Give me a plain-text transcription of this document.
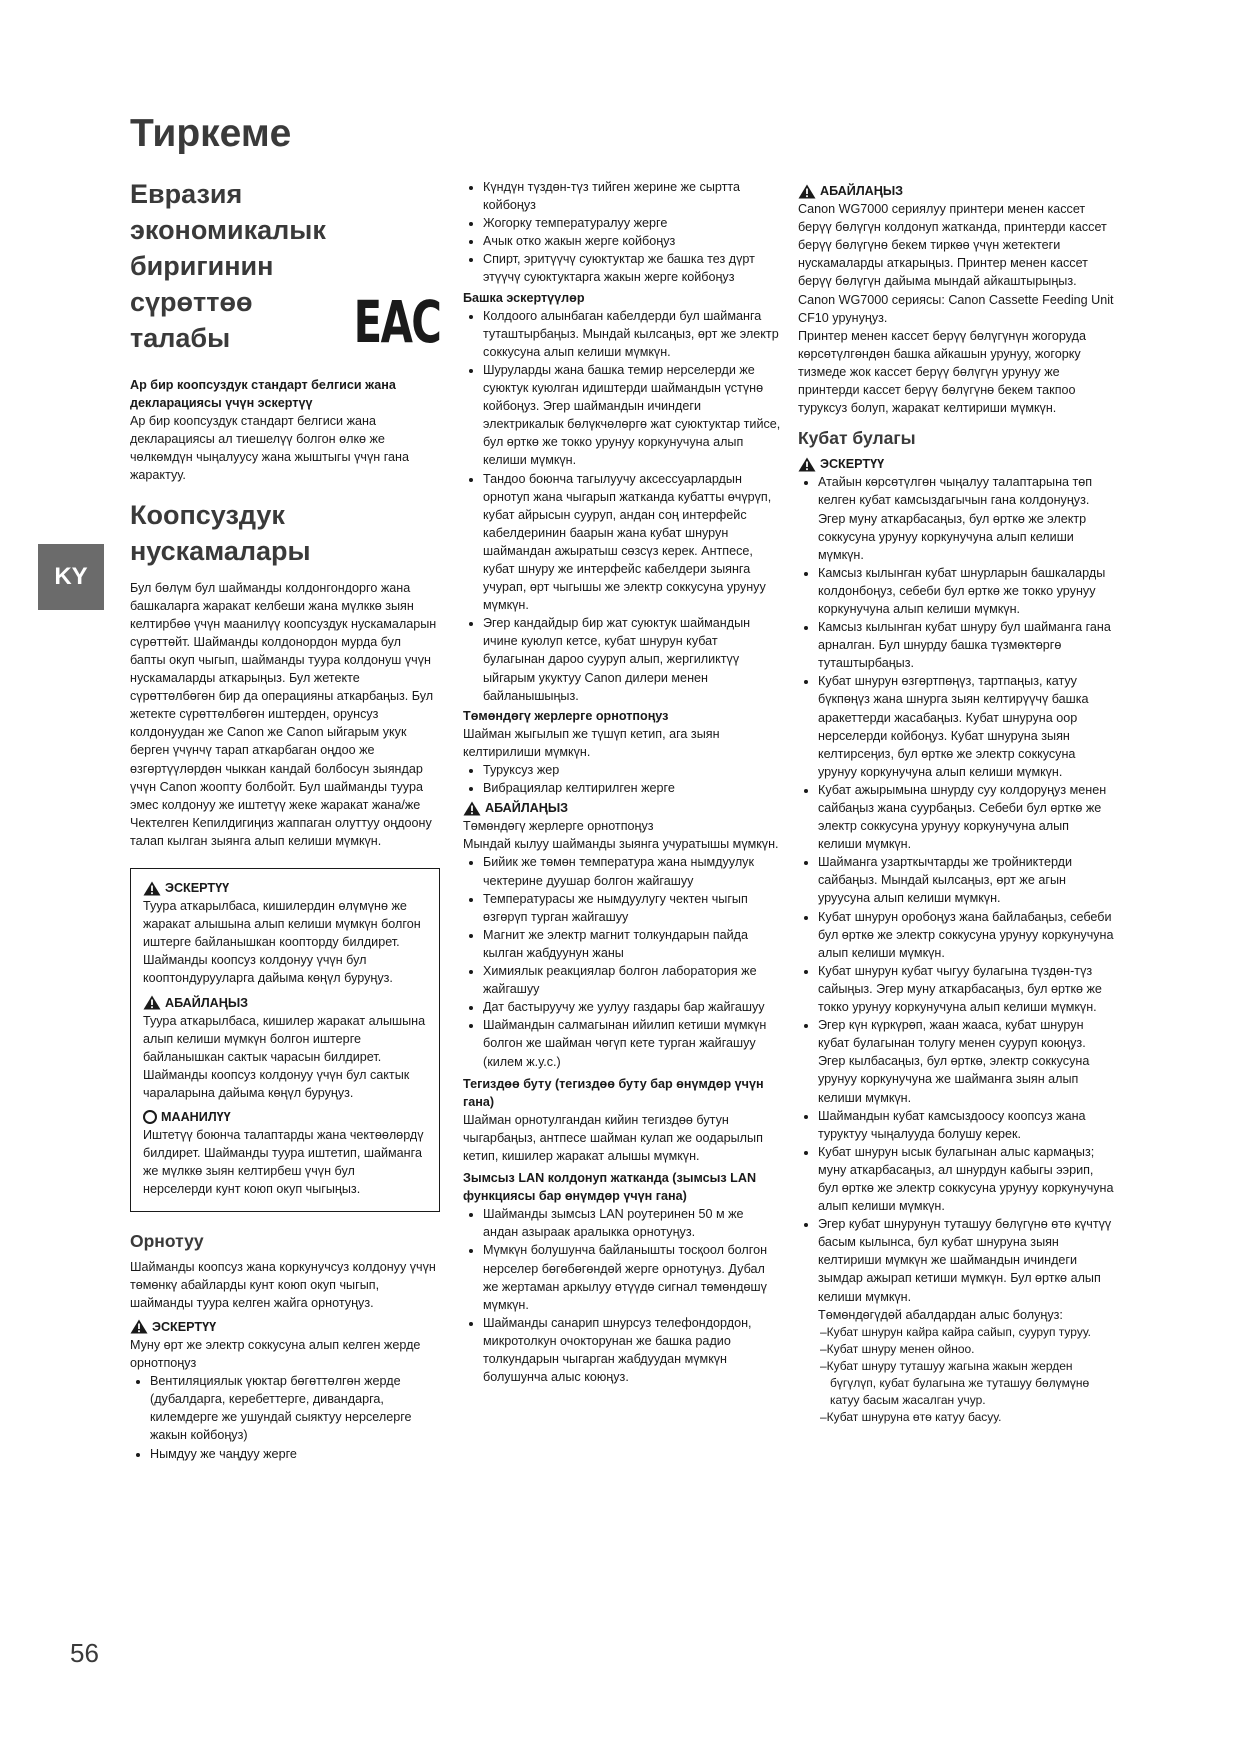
Тиркеме
KY
Евразия
экономикалык
биригинин
сүрөттөө талабы	EAC

Ар бир коопсуздук стандарт белгиси жана декларациясы үчүн эскертүү

Ар бир коопсуздук стандарт белгиси жана декларациясы ал тиешелүү болгон өлкө же чөлкөмдүн чыңалуусу жана жыштыгы үчүн гана жарактуу.

Коопсуздук
нускамалары

Бул бөлүм бул шайманды колдонгондорго жана башкаларга жаракат келбеши жана мүлккө зыян келтирбөө үчүн маанилүү коопсуздук нускамаларын сүрөттөйт. Шайманды колдонордон мурда бул бапты окуп чыгып, шайманды туура колдонуш үчүн нускамаларды аткарыңыз. Бул жетекте сүрөттөлбөгөн бир да операцияны аткарбаңыз. Бул жетекте сүрөттөлбөгөн иштерден, орунсуз колдонуудан же Canon же Canon ыйгарым укук берген үчүнчү тарап аткарбаган оңдоо же өзгөртүүлөрдөн чыккан кандай болбосун зыяндар үчүн Canon жоопту болбойт. Бул шайманды туура эмес колдонуу же иштетүү жеке жаракат жана/же Чектелген Кепилдигиңиз жаппаган олуттуу оңдоону талап кылган зыянга алып келиши мүмкүн.

ЭСКЕРТҮҮ

Туура аткарылбаса, кишилердин өлүмүнө же жаракат алышына алып келиши мүмкүн болгон иштерге байланышкан коопторду билдирет. Шайманды коопсуз колдонуу үчүн бул кооптондурууларга дайыма көңүл буруңуз.

АБАЙЛАҢЫЗ

Туура аткарылбаса, кишилер жаракат алышына алып келиши мүмкүн болгон иштерге байланышкан сактык чарасын билдирет. Шайманды коопсуз колдонуу үчүн бул сактык чараларына дайыма көңүл буруңуз.

МААНИЛҮҮ

Иштетүү боюнча талаптарды жана чектөөлөрдү билдирет. Шайманды туура иштетип, шайманга же мүлккө зыян келтирбеш үчүн бул нерселерди кунт коюп окуп чыгыңыз.

Орнотуу

Шайманды коопсуз жана коркунучсуз колдонуу үчүн төмөнкү абайларды кунт коюп окуп чыгып, шайманды туура келген жайга орнотуңуз.

ЭСКЕРТҮҮ

Муну өрт же электр соккусуна алып келген жерде орнотпоңуз

• Вентиляциялык үюктар бөгөттөлгөн жерде (дубалдарга, керебеттерге, дивандарга, килемдерге же ушундай сыяктуу нерселерге жакын койбоңуз)
• Нымдуу же чаңдуу жерге
• Күндүн түздөн-түз тийген жерине же сыртта койбоңуз
• Жогорку температуралуу жерге
• Ачык отко жакын жерге койбоңуз
• Спирт, эритүүчү суюктуктар же башка тез дүрт этүүчү суюктуктарга жакын жерге койбоңуз

Башка эскертүүлөр

• Колдоого алынбаган кабелдерди бул шайманга туташтырбаңыз. Мындай кылсаңыз, өрт же электр соккусуна алып келиши мүмкүн.
• Шуруларды жана башка темир нерселерди же суюктук куюлган идиштерди шаймандын үстүнө койбоңуз. Эгер шаймандын ичиндеги электрикалык бөлүкчөлөргө жат суюктуктар тийсе, бул өрткө же токко урунуу коркунучуна алып келиши мүмкүн.
• Тандоо боюнча тагылуучу аксессуарлардын орнотуп жана чыгарып жатканда кубатты өчүрүп, кубат айрысын сууруп, андан соң интерфейс кабелдеринин баарын жана кубат шнурун шаймандан ажыратыш сөзсүз керек. Антпесе, кубат шнуру же интерфейс кабелдери зыянга учурап, өрт чыгышы же электр соккусуна урунуу мүмкүн.
• Эгер кандайдыр бир жат суюктук шаймандын ичине куюлуп кетсе, кубат шнурун кубат булагынан дароо сууруп алып, жергиликтүү ыйгарым укуктуу Canon дилери менен байланышыңыз.

Төмөндөгү жерлерге орнотпоңуз

Шайман жыгылып же түшүп кетип, ага зыян келтирилиши мүмкүн.

• Туруксуз жер
• Вибрациялар келтирилген жерге
АБАЙЛАҢЫЗ

Төмөндөгү жерлерге орнотпоңуз

Мындай кылуу шайманды зыянга учуратышы мүмкүн.

• Бийик же төмөн температура жана нымдуулук чектерине дуушар болгон жайгашуу
• Температурасы же нымдуулугу чектен чыгып өзгөрүп турган жайгашуу
• Магнит же электр магнит толкундарын пайда кылган жабдуунун жаны
• Химиялык реакциялар болгон лаборатория же жайгашуу
• Дат бастыруучу же уулуу газдары бар жайгашуу
• Шаймандын салмагынан ийилип кетиши мүмкүн болгон же шайман чөгүп кете турган жайгашуу (килем ж.у.с.)

Тегиздөө буту (тегиздөө буту бар өнүмдөр үчүн гана)

Шайман орнотулгандан кийин тегиздөө бутун чыгарбаңыз, антпесе шайман кулап же оодарылып кетип, кишилер жаракат алышы мүмкүн.

Зымсыз LAN колдонуп жатканда (зымсыз LAN функциясы бар өнүмдөр үчүн гана)

• Шайманды зымсыз LAN роутеринен 50 м же андан азыраак аралыкка орнотуңуз.
• Мүмкүн болушунча байланышты тосқоол болгон нерселер бөгөбөгөндөй жерге орнотуңуз. Дубал же жертаман аркылуу өтүүдө сигнал төмөндөшү мүмкүн.
• Шайманды санарип шнурсуз телефондордон, микротолкун очокторунан же башка радио толкундарын чыгарган жабдуудан мүмкүн болушунча алыс коюңуз.
АБАЙЛАҢЫЗ

Canon WG7000 сериялуу принтери менен кассет берүү бөлүгүн колдонуп жатканда, принтерди кассет берүү бөлүгүнө бекем тиркөө үчүн жетектеги нускамаларды аткарыңыз. Принтер менен кассет берүү бөлүгүн дайыма мындай айкаштырыңыз. Canon WG7000 сериясы: Canon Cassette Feeding Unit CF10 урунуңуз.

Принтер менен кассет берүү бөлүгүнүн жогоруда көрсөтүлгөндөн башка айкашын урунуу, жогорку тизмеде жок кассет берүү бөлүгүн урунуу же принтерди кассет берүү бөлүгүнө бекем такпоо туруксуз болуп, жаракат келтириши мүмкүн.

Кубат булагы
ЭСКЕРТҮҮ
• Атайын көрсөтүлгөн чыңалуу талаптарына төп келген кубат камсыздагычын гана колдонуңуз. Эгер муну аткарбасаңыз, бул өрткө же электр соккусуна урунуу коркунучуна алып келиши мүмкүн.
• Камсыз кылынган кубат шнурларын башкаларды колдонбоңуз, себеби бул өрткө же токко урунуу коркунучуна алып келиши мүмкүн.
• Камсыз кылынган кубат шнуру бул шайманга гана арналган. Бул шнурду башка түзмөктөргө туташтырбаңыз.
• Кубат шнурун өзгөртпөңүз, тартпаңыз, катуу бүкпөңүз жана шнурга зыян келтирүүчү башка аракеттерди жасабаңыз. Кубат шнуруна оор нерселерди койбоңуз. Кубат шнуруна зыян келтирсеңиз, бул өрткө же электр соккусуна урунуу коркунучуна алып келиши мүмкүн.
• Кубат ажырымына шнурду суу колдоруңуз менен сайбаңыз жана суурбаңыз. Себеби бул өрткө же электр соккусуна урунуу коркунучуна алып келиши мүмкүн.
• Шайманга узарткычтарды же тройниктерди сайбаңыз. Мындай кылсаңыз, өрт же агын урууcуна алып келиши мүмкүн.
• Кубат шнурун оробоңуз жана байлабаңыз, себеби бул өрткө же электр соккусуна урунуу коркунучуна алып келиши мүмкүн.
• Кубат шнурун кубат чыгуу булагына түздөн-түз сайыңыз. Эгер муну аткарбасаңыз, бул өрткө же токко урунуу коркунучуна алып келиши мүмкүн.
• Эгер күн күркүрөп, жаан жааса, кубат шнурун кубат булагынан толугу менен сууруп коюңуз. Эгер кылбасаңыз, бул өрткө, электр соккусуна урунуу коркунучуна же шайманга зыян алып келиши мүмкүн.
• Шаймандын кубат камсыздоосу коопсуз жана туруктуу чыңалууда болушу керек.
• Кубат шнурун ысык булагынан алыс кармаңыз; муну аткарбасаңыз, ал шнурдун кабыгы ээрип, бул өрткө же электр соккусуна урунуу коркунучуна алып келиши мүмкүн.
• Эгер кубат шнурунун туташуу бөлүгүнө өтө күчтүү басым кылынса, бул кубат шнуруна зыян келтириши мүмкүн же шаймандын ичиндеги зымдар ажырап кетиши мүмкүн. Бул өрткө алып келиши мүмкүн.

Төмөндөгүдөй абалдардан алыс болуңуз:

–Кубат шнурун кайра кайра сайып, сууруп туруу.
–Кубат шнуру менен ойноо.
–Кубат шнуру туташуу жагына жакын жерден бүгүлүп, кубат булагына же туташуу бөлүмүнө катуу басым жасалган учур.
–Кубат шнуруна өтө катуу басуу.
56
